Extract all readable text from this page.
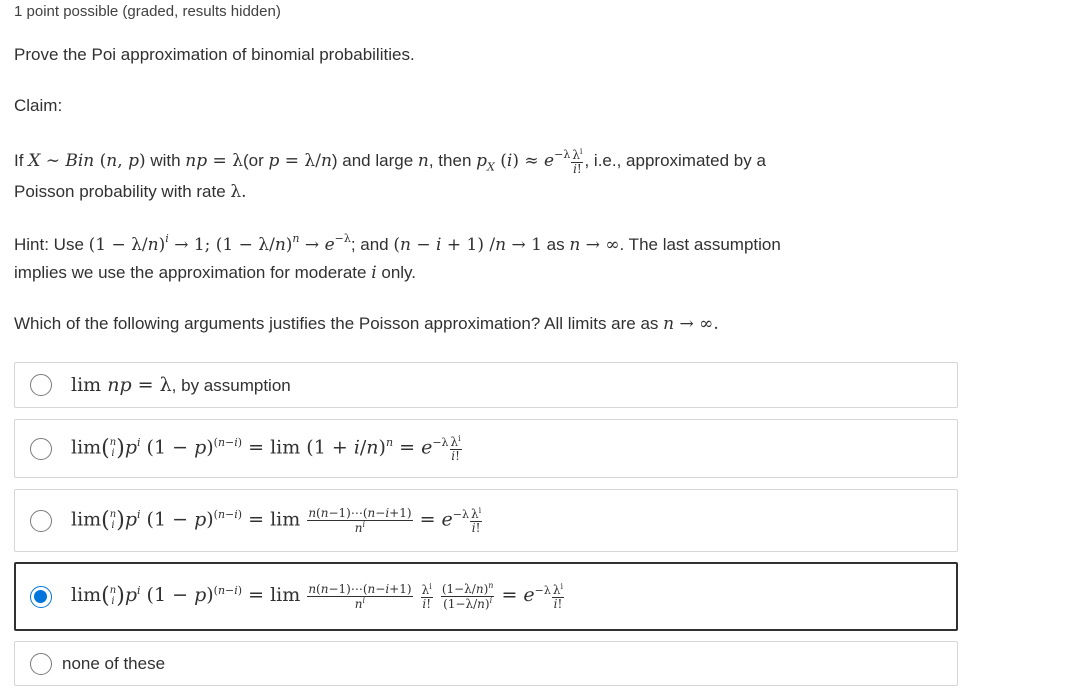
1 point possible (graded, results hidden)
Prove the Poi approximation of binomial probabilities.
Claim:
If X ∼ Bin (n, p) with np = λ(or p = λ/n) and large n, then $p_X$ $(i) \approx e^{-\lambda} \frac{\lambda^i}{i!}$ , i.e., approximated by a
Poisson probability with rate λ.
Hint: Use $(1 - \lambda/n)^i \to 1$; $(1 - \lambda/n)^n \to e^{-\lambda}$; and (n − i + 1) /n → 1 as n → ∞. The last assumption
implies we use the approximation for moderate i only.
Which of the following arguments justifies the Poisson approximation? All limits are as n → ∞.
lim np = λ, by assumption
lim( n
i )$p^i$ $(1 - p)^{(n-i)} = \lim (1 + i/n)^n = e^{-\lambda} \frac{\lambda^i}{i!}$
lim( n
i )$p^i$ $(1 - p)^{(n-i)} = \lim \frac{n(n-1)\cdots(n-i+1)}{n^i} = e^{-\lambda} \frac{\lambda^i}{i!}$
lim( n
i )$p^i$ $(1 - p)^{(n-i)} = \lim \frac{n(n-1)\cdots(n-i+1)}{n^i}$
$\frac{\lambda^i}{i!}$
$\frac{(1-\lambda/n)^n}{(1-\lambda/n)^i} = e^{-\lambda} \frac{\lambda^i}{i!}$
none of these
